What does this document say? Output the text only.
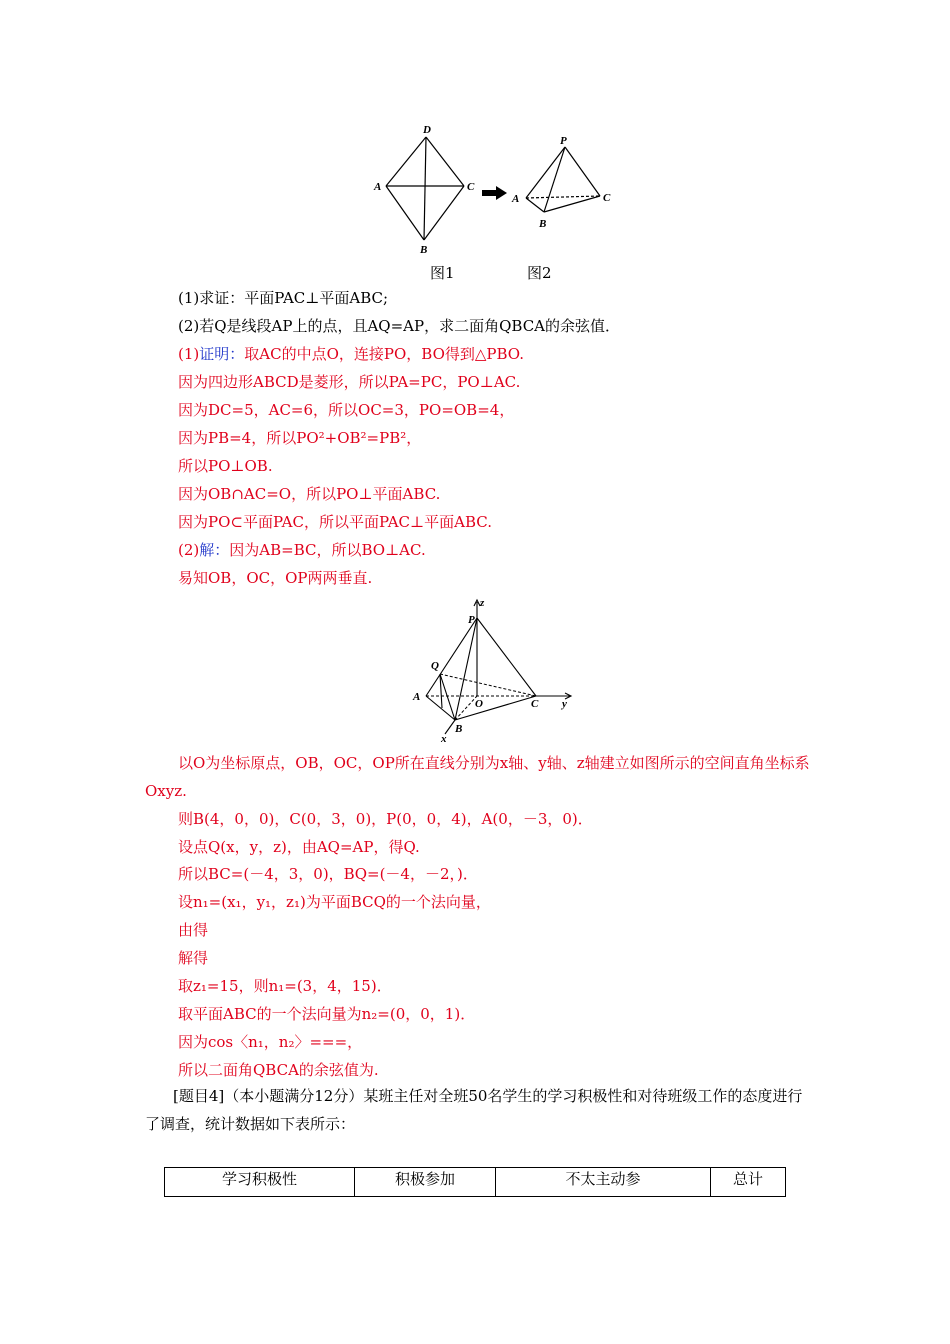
D
A	C
B
P
A	C
B
图1	图2
(1)求证：平面PAC⊥平面ABC;
(2)若Q是线段AP上的点，且AQ=AP，求二面角QBCA的余弦值．
(1)证明：取AC的中点O，连接PO，BO得到△PBO.
因为四边形ABCD是菱形，所以PA=PC，PO⊥AC.
因为DC=5，AC=6，所以OC=3，PO=OB=4，
因为PB=4，所以PO²+OB²=PB²，
所以PO⊥OB.
因为OB∩AC=O，所以PO⊥平面ABC.
因为PO⊂平面PAC，所以平面PAC⊥平面ABC.
(2)解：因为AB=BC，所以BO⊥AC.
易知OB，OC，OP两两垂直.
z
P
Q
A
O	C y
B
x
以O为坐标原点，OB，OC，OP所在直线分别为x轴、y轴、z轴建立如图所示的空间直角坐标系Oxyz.
则B(4，0，0)，C(0，3，0)，P(0，0，4)，A(0，－3，0)．
设点Q(x，y，z)，由AQ=AP，得Q.
所以BC=(－4，3，0)，BQ=(－4，－2，)．
设n₁=(x₁，y₁，z₁)为平面BCQ的一个法向量，
由得
解得
取z₁=15，则n₁=(3，4，15)．
取平面ABC的一个法向量为n₂=(0，0，1)．
因为cos〈n₁，n₂〉===，
所以二面角QBCA的余弦值为.
[题目4]（本小题满分12分）某班主任对全班50名学生的学习积极性和对待班级工作的态度进行了调查，统计数据如下表所示：
学习积极性	积极参加	不太主动参	总计
